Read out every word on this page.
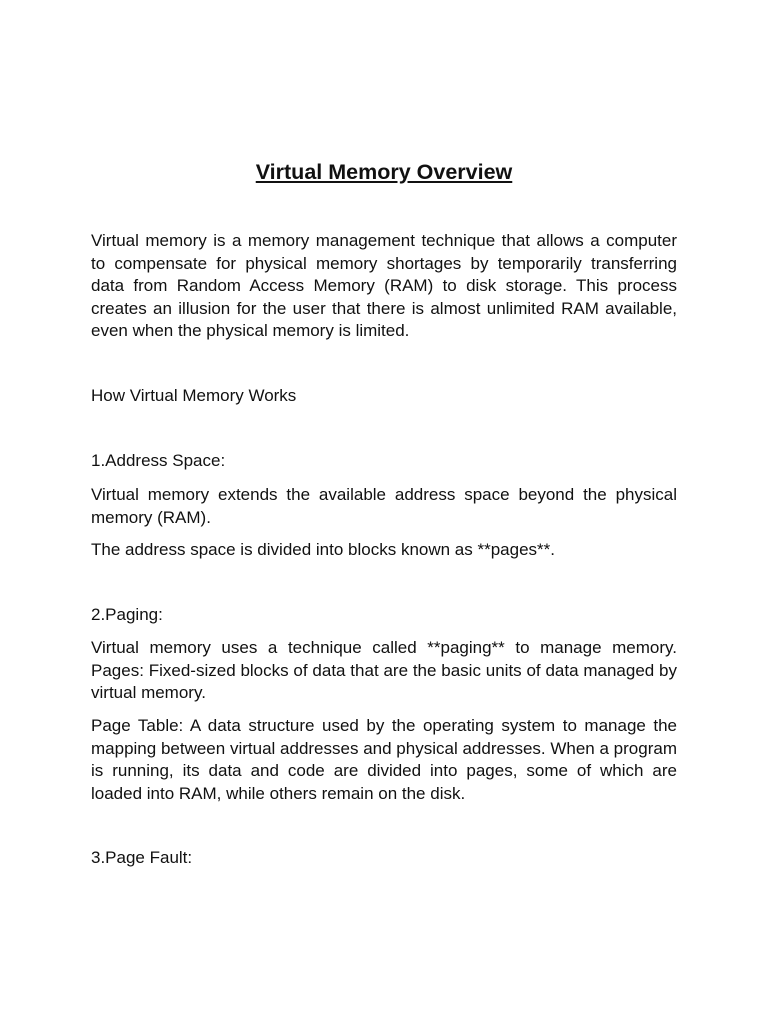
Virtual Memory Overview

Virtual memory is a memory management technique that allows a computer to compensate for physical memory shortages by temporarily transferring data from Random Access Memory (RAM) to disk storage. This process creates an illusion for the user that there is almost unlimited RAM available, even when the physical memory is limited.

How Virtual Memory Works

1.Address Space:

Virtual memory extends the available address space beyond the physical memory (RAM).

The address space is divided into blocks known as **pages**.

2.Paging:

Virtual memory uses a technique called **paging** to manage memory. Pages: Fixed-sized blocks of data that are the basic units of data managed by virtual memory.

Page Table: A data structure used by the operating system to manage the mapping between virtual addresses and physical addresses. When a program is running, its data and code are divided into pages, some of which are loaded into RAM, while others remain on the disk.

3.Page Fault:
